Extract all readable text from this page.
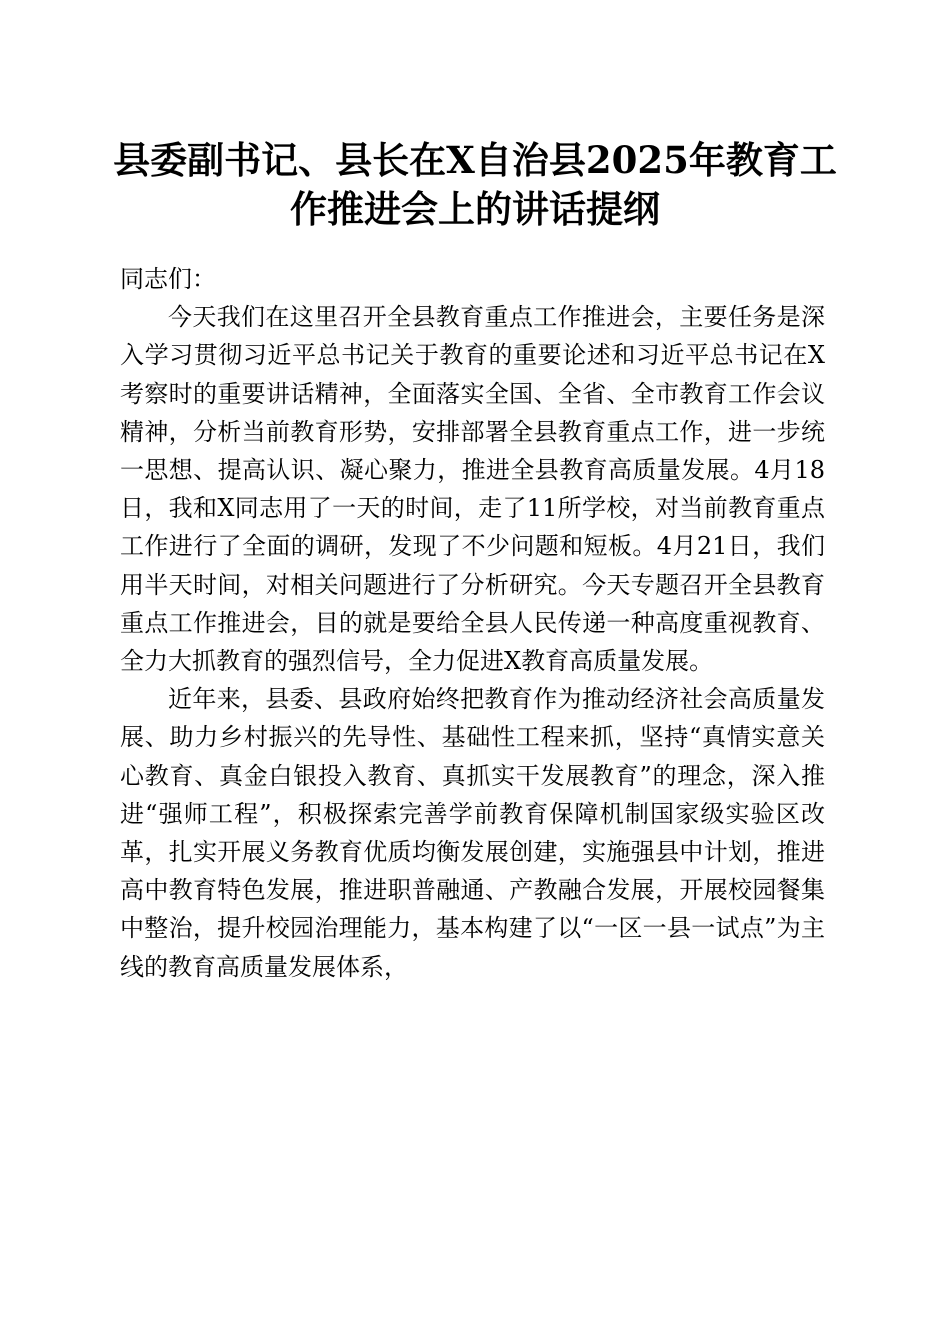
县委副书记、县长在X自治县2025年教育工作推进会上的讲话提纲

同志们：

今天我们在这里召开全县教育重点工作推进会，主要任务是深入学习贯彻习近平总书记关于教育的重要论述和习近平总书记在X考察时的重要讲话精神，全面落实全国、全省、全市教育工作会议精神，分析当前教育形势，安排部署全县教育重点工作，进一步统一思想、提高认识、凝心聚力，推进全县教育高质量发展。4月18日，我和X同志用了一天的时间，走了11所学校，对当前教育重点工作进行了全面的调研，发现了不少问题和短板。4月21日，我们用半天时间，对相关问题进行了分析研究。今天专题召开全县教育重点工作推进会，目的就是要给全县人民传递一种高度重视教育、全力大抓教育的强烈信号，全力促进X教育高质量发展。

近年来，县委、县政府始终把教育作为推动经济社会高质量发展、助力乡村振兴的先导性、基础性工程来抓，坚持“真情实意关心教育、真金白银投入教育、真抓实干发展教育”的理念，深入推进“强师工程”，积极探索完善学前教育保障机制国家级实验区改革，扎实开展义务教育优质均衡发展创建，实施强县中计划，推进高中教育特色发展，推进职普融通、产教融合发展，开展校园餐集中整治，提升校园治理能力，基本构建了以“一区一县一试点”为主线的教育高质量发展体系，
